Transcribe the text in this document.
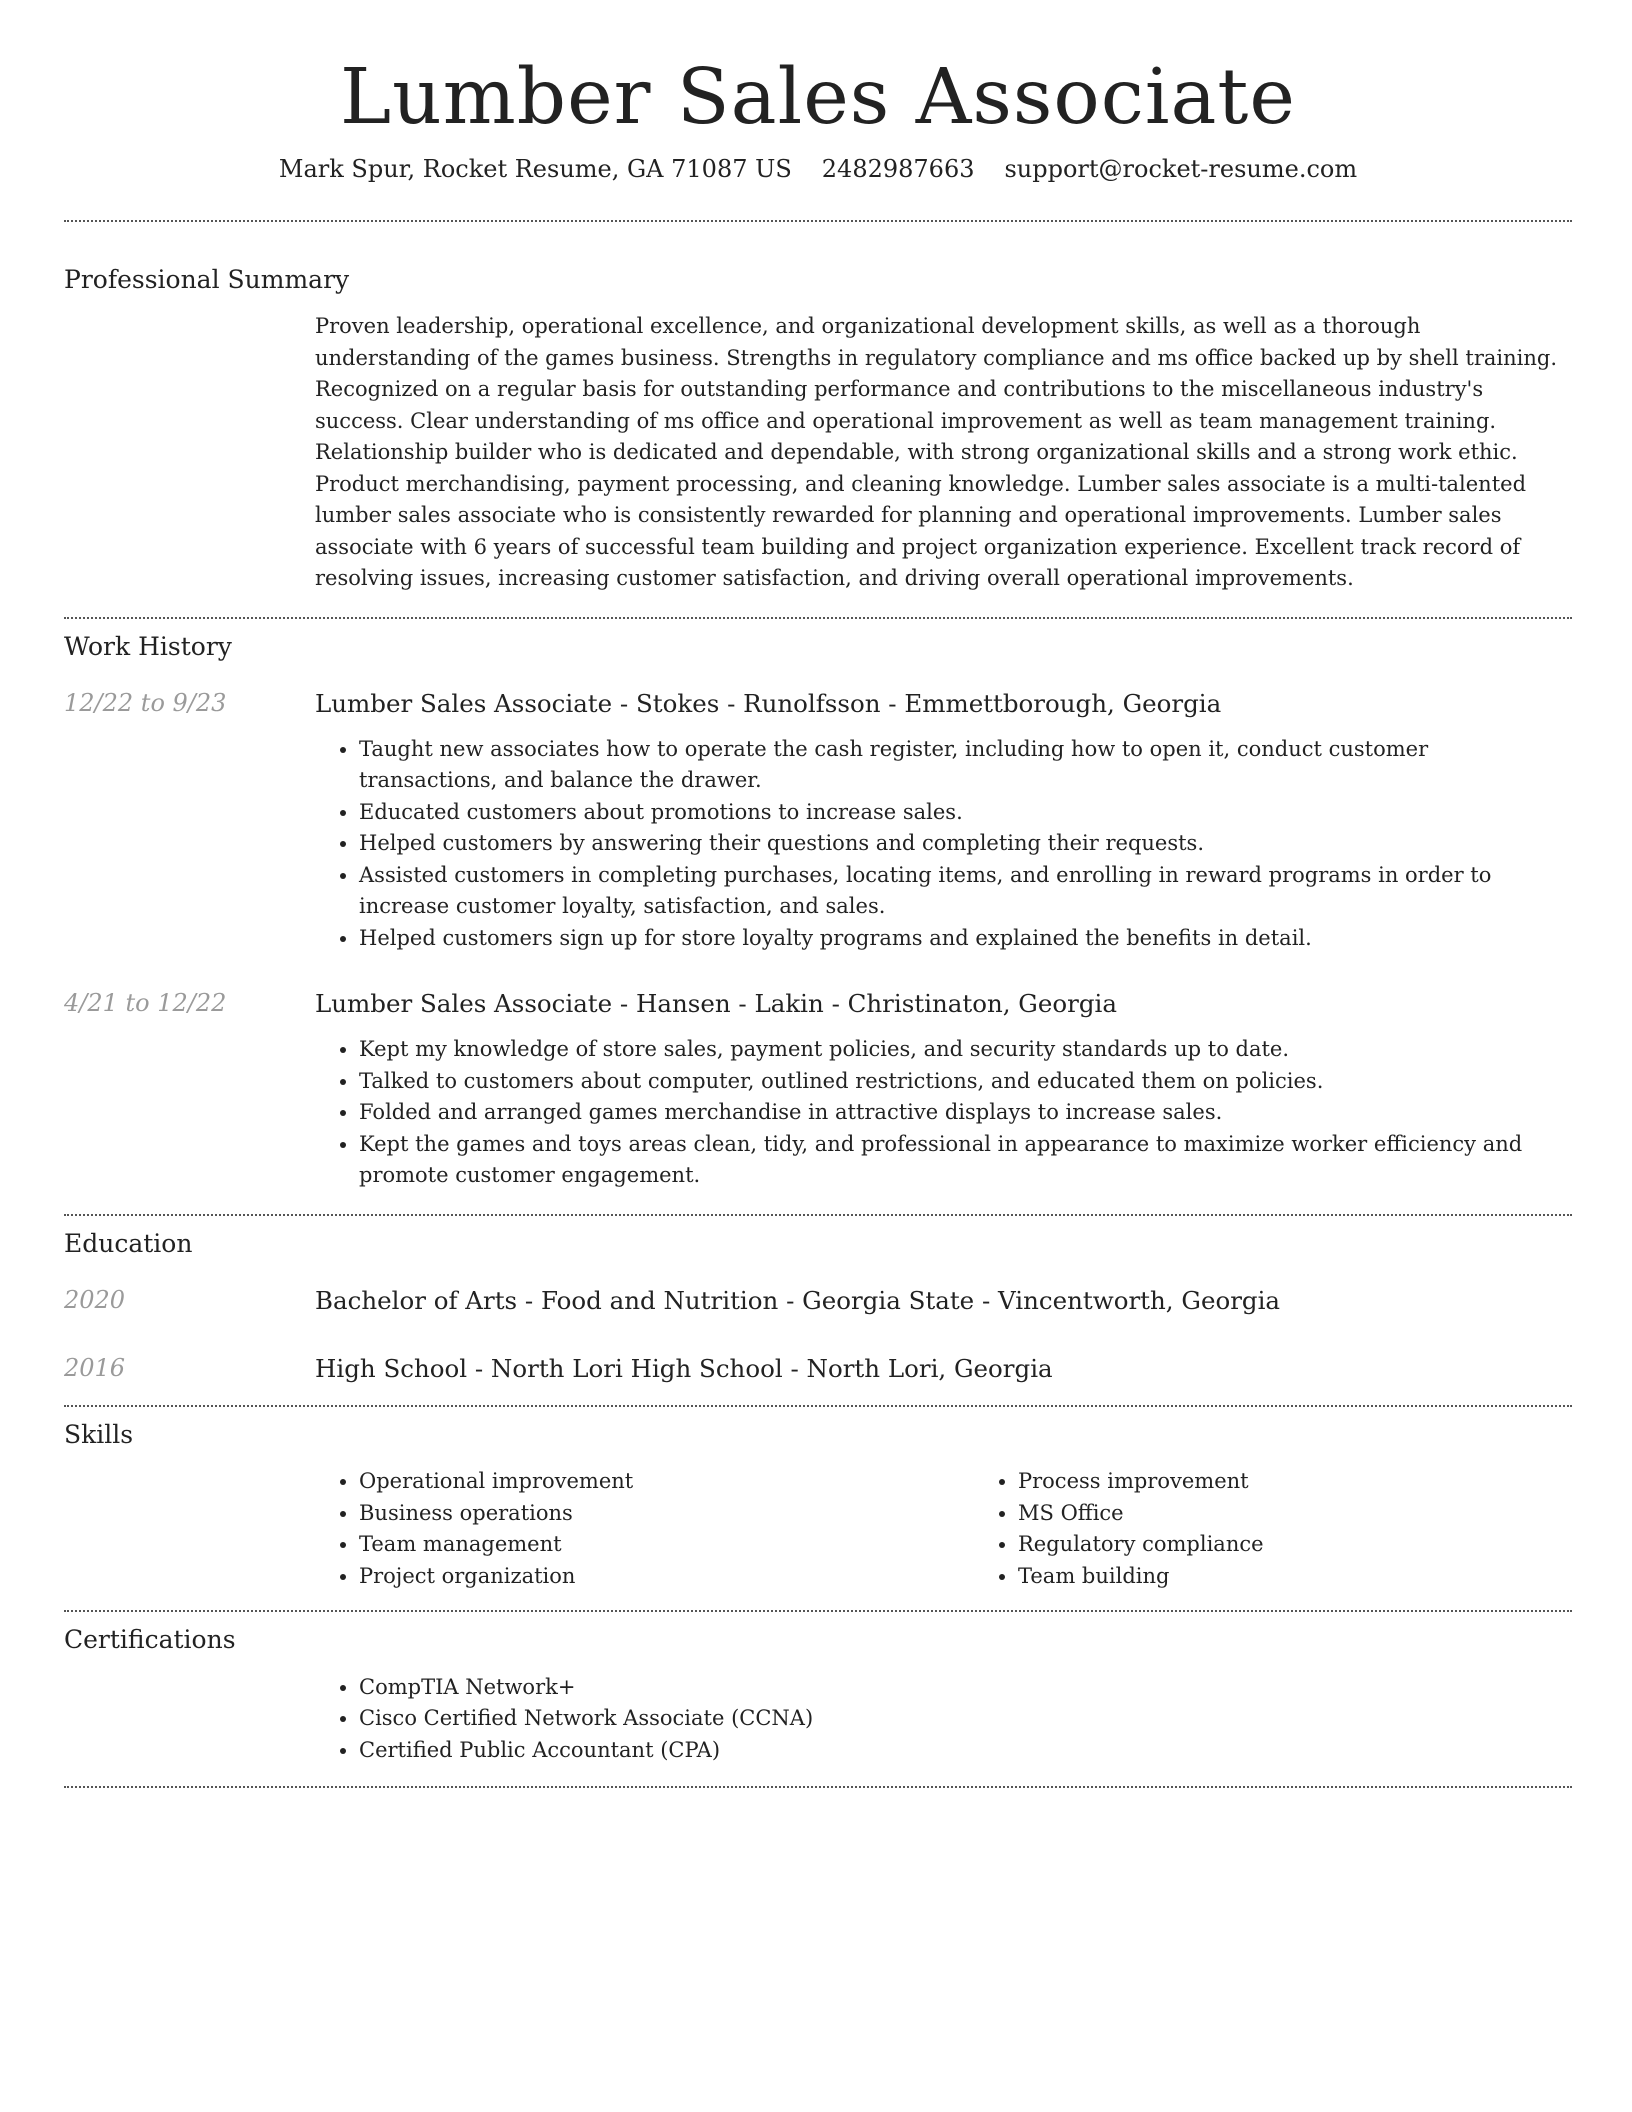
Lumber Sales Associate
Mark Spur, Rocket Resume, GA 71087 US 2482987663 support@rocket-resume.com
Professional Summary
Proven leadership, operational excellence, and organizational development skills, as well as a thorough understanding of the games business. Strengths in regulatory compliance and ms office backed up by shell training. Recognized on a regular basis for outstanding performance and contributions to the miscellaneous industry's success. Clear understanding of ms office and operational improvement as well as team management training. Relationship builder who is dedicated and dependable, with strong organizational skills and a strong work ethic. Product merchandising, payment processing, and cleaning knowledge. Lumber sales associate is a multi-talented lumber sales associate who is consistently rewarded for planning and operational improvements. Lumber sales associate with 6 years of successful team building and project organization experience. Excellent track record of resolving issues, increasing customer satisfaction, and driving overall operational improvements.
Work History
12/22 to 9/23	Lumber Sales Associate - Stokes - Runolfsson - Emmettborough, Georgia
• Taught new associates how to operate the cash register, including how to open it, conduct customer transactions, and balance the drawer.
• Educated customers about promotions to increase sales.
• Helped customers by answering their questions and completing their requests.
• Assisted customers in completing purchases, locating items, and enrolling in reward programs in order to increase customer loyalty, satisfaction, and sales.
• Helped customers sign up for store loyalty programs and explained the benefits in detail.
4/21 to 12/22	Lumber Sales Associate - Hansen - Lakin - Christinaton, Georgia
• Kept my knowledge of store sales, payment policies, and security standards up to date.
• Talked to customers about computer, outlined restrictions, and educated them on policies.
• Folded and arranged games merchandise in attractive displays to increase sales.
• Kept the games and toys areas clean, tidy, and professional in appearance to maximize worker efficiency and promote customer engagement.
Education
2020	Bachelor of Arts - Food and Nutrition - Georgia State - Vincentworth, Georgia
2016	High School - North Lori High School - North Lori, Georgia
Skills
• Operational improvement
• Business operations
• Team management
• Project organization
• Process improvement
• MS Office
• Regulatory compliance
• Team building
Certifications
• CompTIA Network+
• Cisco Certified Network Associate (CCNA)
• Certified Public Accountant (CPA)
